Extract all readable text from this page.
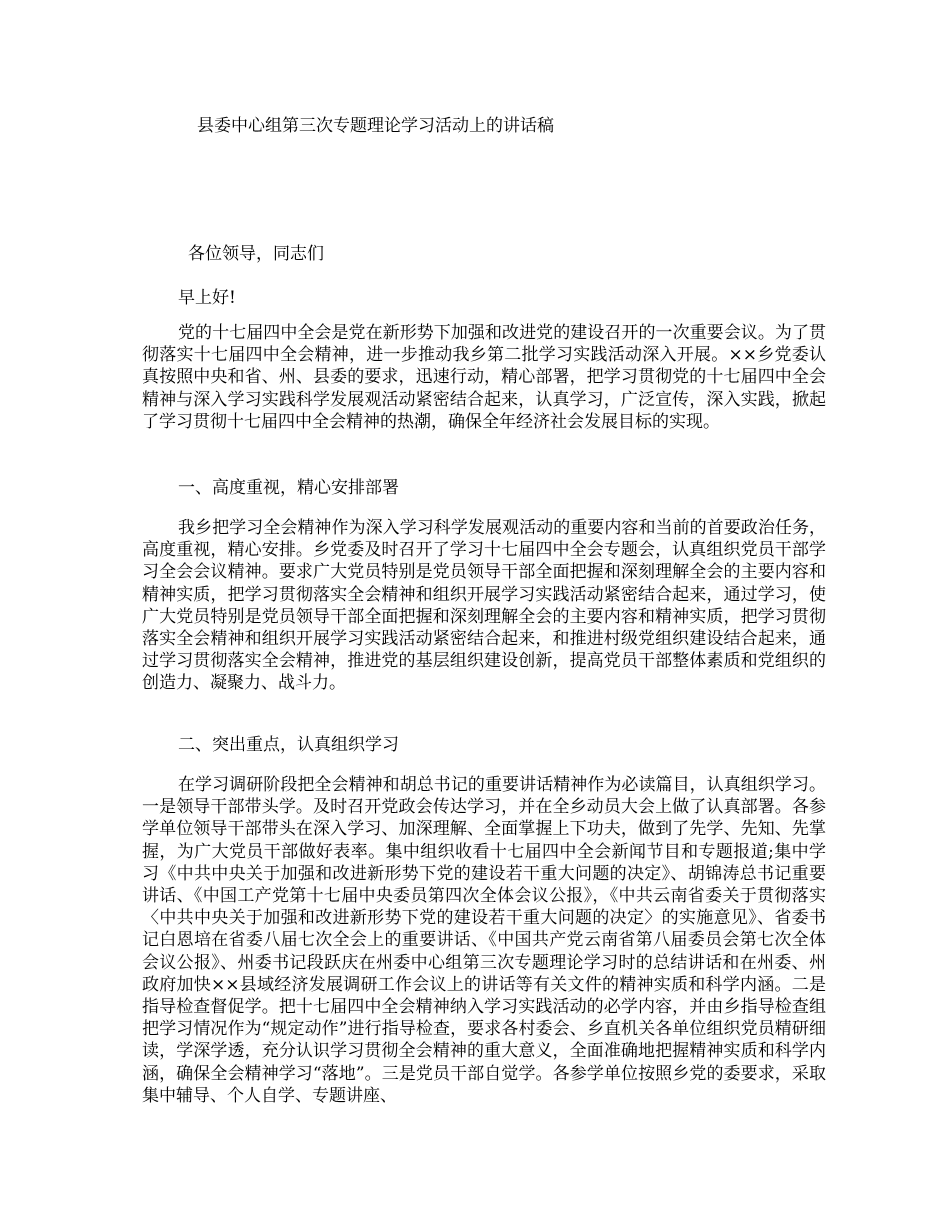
县委中心组第三次专题理论学习活动上的讲话稿
各位领导，同志们
早上好!

党的十七届四中全会是党在新形势下加强和改进党的建设召开的一次重要会议。为了贯彻落实十七届四中全会精神，进一步推动我乡第二批学习实践活动深入开展。××乡党委认真按照中央和省、州、县委的要求，迅速行动，精心部署，把学习贯彻党的十七届四中全会精神与深入学习实践科学发展观活动紧密结合起来，认真学习，广泛宣传，深入实践，掀起了学习贯彻十七届四中全会精神的热潮，确保全年经济社会发展目标的实现。

一、高度重视，精心安排部署

我乡把学习全会精神作为深入学习科学发展观活动的重要内容和当前的首要政治任务，高度重视，精心安排。乡党委及时召开了学习十七届四中全会专题会，认真组织党员干部学习全会会议精神。要求广大党员特别是党员领导干部全面把握和深刻理解全会的主要内容和精神实质，把学习贯彻落实全会精神和组织开展学习实践活动紧密结合起来，通过学习，使广大党员特别是党员领导干部全面把握和深刻理解全会的主要内容和精神实质，把学习贯彻落实全会精神和组织开展学习实践活动紧密结合起来，和推进村级党组织建设结合起来，通过学习贯彻落实全会精神，推进党的基层组织建设创新，提高党员干部整体素质和党组织的创造力、凝聚力、战斗力。

二、突出重点，认真组织学习

在学习调研阶段把全会精神和胡总书记的重要讲话精神作为必读篇目，认真组织学习。一是领导干部带头学。及时召开党政会传达学习，并在全乡动员大会上做了认真部署。各参学单位领导干部带头在深入学习、加深理解、全面掌握上下功夫，做到了先学、先知、先掌握，为广大党员干部做好表率。集中组织收看十七届四中全会新闻节目和专题报道;集中学习《中共中央关于加强和改进新形势下党的建设若干重大问题的决定》、胡锦涛总书记重要讲话、《中国工产党第十七届中央委员第四次全体会议公报》，《中共云南省委关于贯彻落实〈中共中央关于加强和改进新形势下党的建设若干重大问题的决定〉的实施意见》、省委书记白恩培在省委八届七次全会上的重要讲话、《中国共产党云南省第八届委员会第七次全体会议公报》、州委书记段跃庆在州委中心组第三次专题理论学习时的总结讲话和在州委、州政府加快××县域经济发展调研工作会议上的讲话等有关文件的精神实质和科学内涵。二是指导检查督促学。把十七届四中全会精神纳入学习实践活动的必学内容，并由乡指导检查组把学习情况作为“规定动作”进行指导检查，要求各村委会、乡直机关各单位组织党员精研细读，学深学透，充分认识学习贯彻全会精神的重大意义，全面准确地把握精神实质和科学内涵，确保全会精神学习“落地”。三是党员干部自觉学。各参学单位按照乡党的委要求，采取集中辅导、个人自学、专题讲座、
